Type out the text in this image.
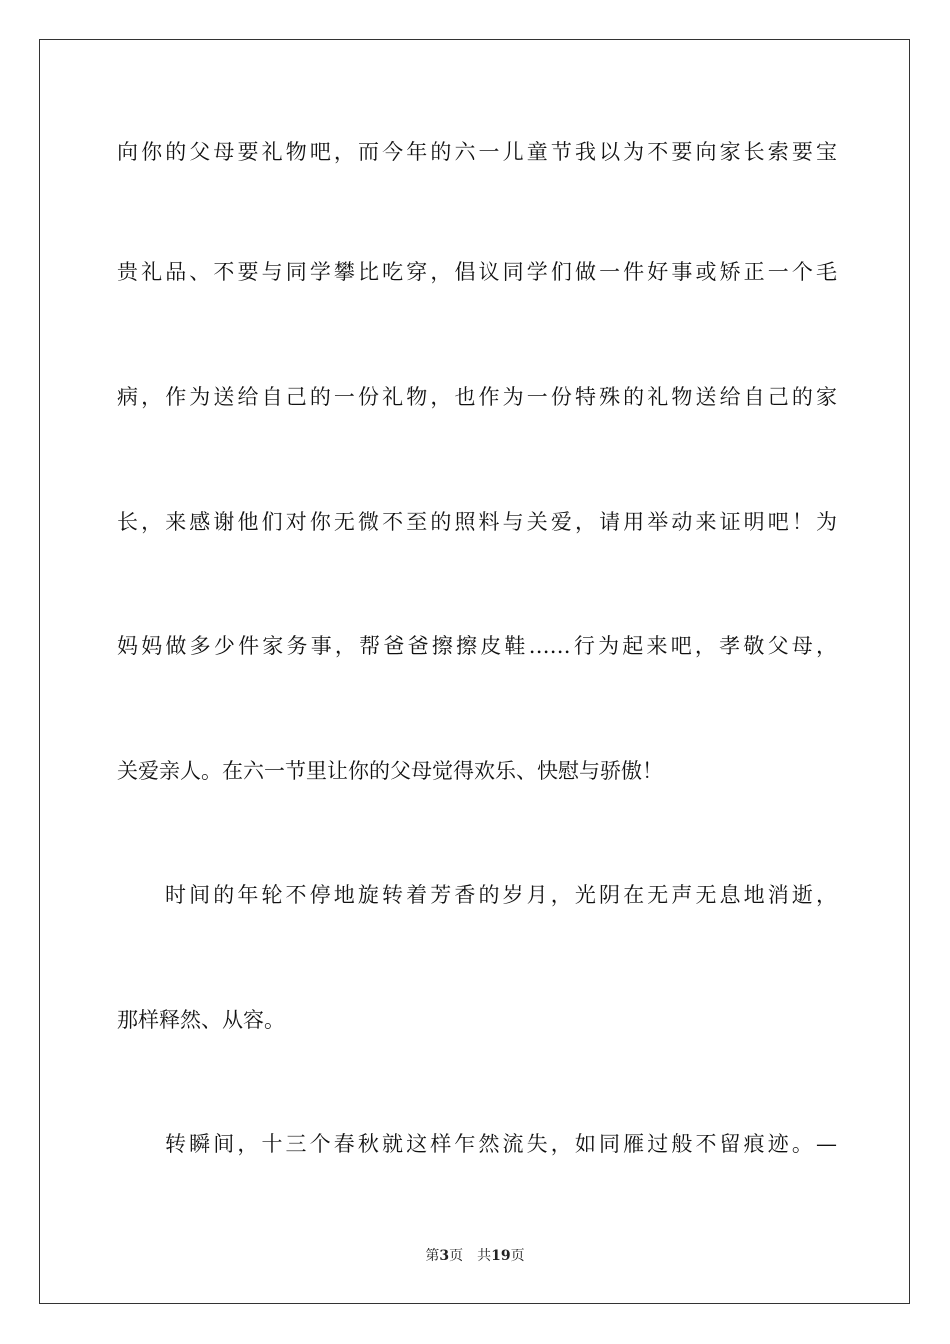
向你的父母要礼物吧，而今年的六一儿童节我以为不要向家长索要宝
贵礼品、不要与同学攀比吃穿，倡议同学们做一件好事或矫正一个毛
病，作为送给自己的一份礼物，也作为一份特殊的礼物送给自己的家
长，来感谢他们对你无微不至的照料与关爱，请用举动来证明吧！为
妈妈做多少件家务事，帮爸爸擦擦皮鞋……行为起来吧，孝敬父母，
关爱亲人。在六一节里让你的父母觉得欢乐、快慰与骄傲！
时间的年轮不停地旋转着芳香的岁月，光阴在无声无息地消逝，
那样释然、从容。
转瞬间，十三个春秋就这样乍然流失，如同雁过般不留痕迹。—
第3页 共19页
